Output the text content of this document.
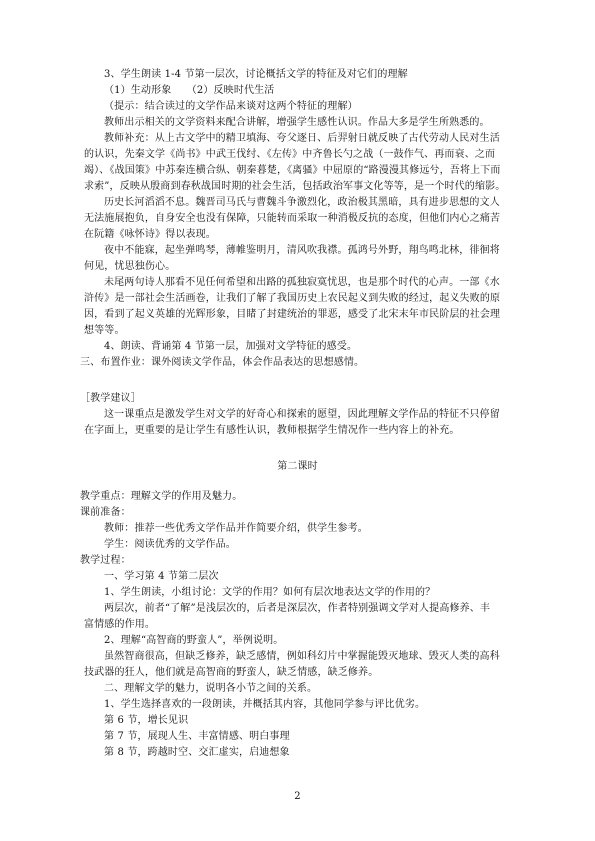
3、学生朗读 1-4 节第一层次，讨论概括文学的特征及对它们的理解
（1）生动形象　　（2）反映时代生活
（提示：结合读过的文学作品来谈对这两个特征的理解）
教师出示相关的文学资料来配合讲解，增强学生感性认识。作品大多是学生所熟悉的。
教师补充：从上古文学中的精卫填海、夸父逐日、后羿射日就反映了古代劳动人民对生活
的认识，先秦文学《尚书》中武王伐纣、《左传》中齐鲁长勺之战（一鼓作气、再而衰、之而
竭）、《战国策》中苏秦连横合纵、朝秦暮楚，《离骚》中屈原的“路漫漫其修远兮，吾将上下而
求索”，反映从殷商到春秋战国时期的社会生活，包括政治军事文化等等，是一个时代的缩影。
历史长河滔滔不息。魏晋司马氏与曹魏斗争激烈化，政治极其黑暗，具有进步思想的文人
无法施展抱负，自身安全也没有保障，只能转而采取一种消极反抗的态度，但他们内心之痛苦
在阮籍《咏怀诗》得以表现。
夜中不能寐，起坐弹鸣琴，薄帷鉴明月，清风吹我襟。孤鸿号外野，翔鸟鸣北林，徘徊将
何见，忧思独伤心。
未尾两句诗人那看不见任何希望和出路的孤独寂寞忧思，也是那个时代的心声。一部《水
浒传》是一部社会生活画卷，让我们了解了我国历史上农民起义到失败的经过，起义失败的原
因，看到了起义英雄的光辉形象，目睹了封建统治的罪恶，感受了北宋末年市民阶层的社会理
想等等。
4、朗读、背诵第 4 节第一层，加强对文学特征的感受。
三、布置作业：课外阅读文学作品，体会作品表达的思想感情。
［教学建议］
这一课重点是激发学生对文学的好奇心和探索的愿望，因此理解文学作品的特征不只停留
在字面上，更重要的是让学生有感性认识，教师根据学生情况作一些内容上的补充。
第二课时
教学重点：理解文学的作用及魅力。
课前准备：
教师：推荐一些优秀文学作品并作简要介绍，供学生参考。
学生：阅读优秀的文学作品。
教学过程：
一、学习第 4 节第二层次
1、学生朗读，小组讨论：文学的作用？如何有层次地表达文学的作用的？
两层次，前者“了解”是浅层次的，后者是深层次，作者特别强调文学对人提高修养、丰
富情感的作用。
2、理解“高智商的野蛮人”，举例说明。
虽然智商很高，但缺乏修养，缺乏感情，例如科幻片中掌握能毁灭地球、毁灭人类的高科
技武器的狂人，他们就是高智商的野蛮人，缺乏情感，缺乏修养。
二、理解文学的魅力，说明各小节之间的关系。
1、学生选择喜欢的一段朗读，并概括其内容，其他同学参与评比优劣。
第 6 节，增长见识
第 7 节，展现人生、丰富情感、明白事理
第 8 节，跨越时空、交汇虚实，启迪想象
2
